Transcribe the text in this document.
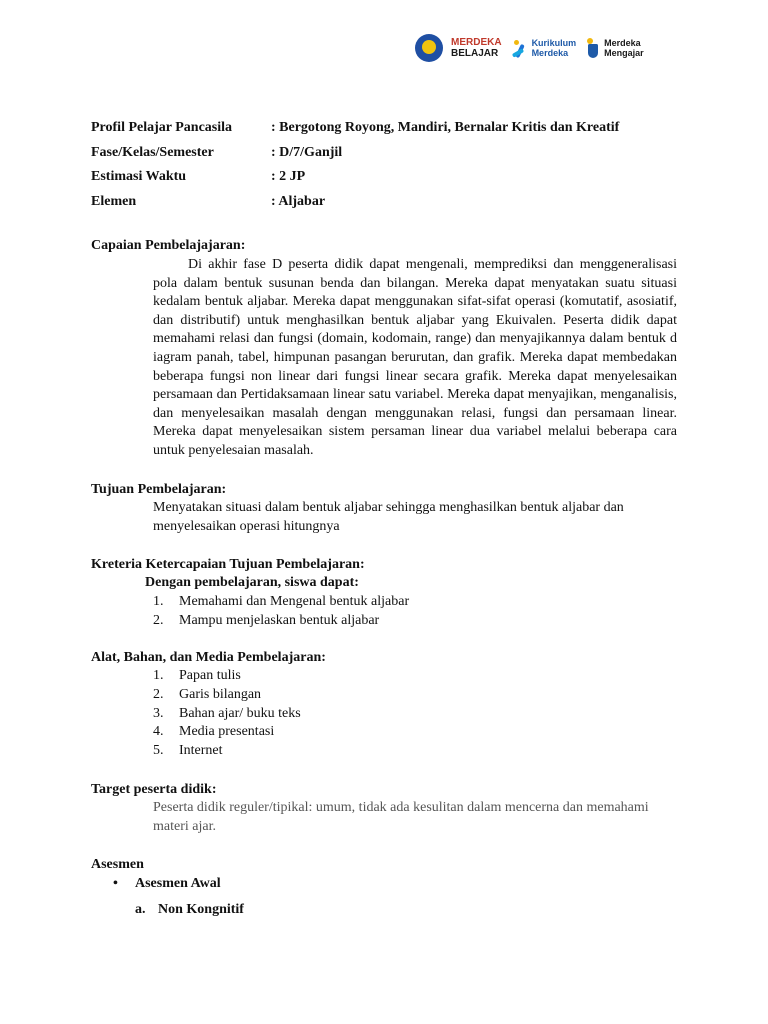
MERDEKA
BELAJAR
Kurikulum
Merdeka
Merdeka
Mengajar
Profil Pelajar Pancasila	: Bergotong Royong, Mandiri, Bernalar Kritis dan Kreatif
Fase/Kelas/Semester	: D/7/Ganjil
Estimasi Waktu	: 2 JP
Elemen	: Aljabar
Capaian Pembelajajaran:
Di akhir fase D peserta didik dapat mengenali, memprediksi dan menggeneralisasi pola dalam bentuk susunan benda dan bilangan. Mereka dapat menyatakan suatu situasi kedalam bentuk aljabar. Mereka dapat menggunakan sifat-sifat operasi (komutatif, asosiatif, dan distributif) untuk menghasilkan bentuk aljabar yang Ekuivalen. Peserta didik dapat memahami relasi dan fungsi (domain, kodomain, range) dan menyajikannya dalam bentuk d iagram panah, tabel, himpunan pasangan berurutan, dan grafik. Mereka dapat membedakan beberapa fungsi non linear dari fungsi linear secara grafik. Mereka dapat menyelesaikan persamaan dan Pertidaksamaan linear satu variabel. Mereka dapat menyajikan, menganalisis, dan menyelesaikan masalah dengan menggunakan relasi, fungsi dan persamaan linear. Mereka dapat menyelesaikan sistem persaman linear dua variabel melalui beberapa cara untuk penyelesaian masalah.
Tujuan Pembelajaran:
Menyatakan situasi dalam bentuk aljabar sehingga menghasilkan bentuk aljabar dan menyelesaikan operasi hitungnya
Kreteria Ketercapaian Tujuan Pembelajaran:
Dengan pembelajaran, siswa dapat:
1.	Memahami dan Mengenal bentuk aljabar
2.	Mampu menjelaskan bentuk aljabar
Alat, Bahan, dan Media Pembelajaran:
1.	Papan tulis
2.	Garis bilangan
3.	Bahan ajar/ buku teks
4.	Media presentasi
5.	Internet
Target peserta didik:
Peserta didik reguler/tipikal: umum, tidak ada kesulitan dalam mencerna dan memahami materi ajar.
Asesmen
•	Asesmen Awal
a. Non Kongnitif
